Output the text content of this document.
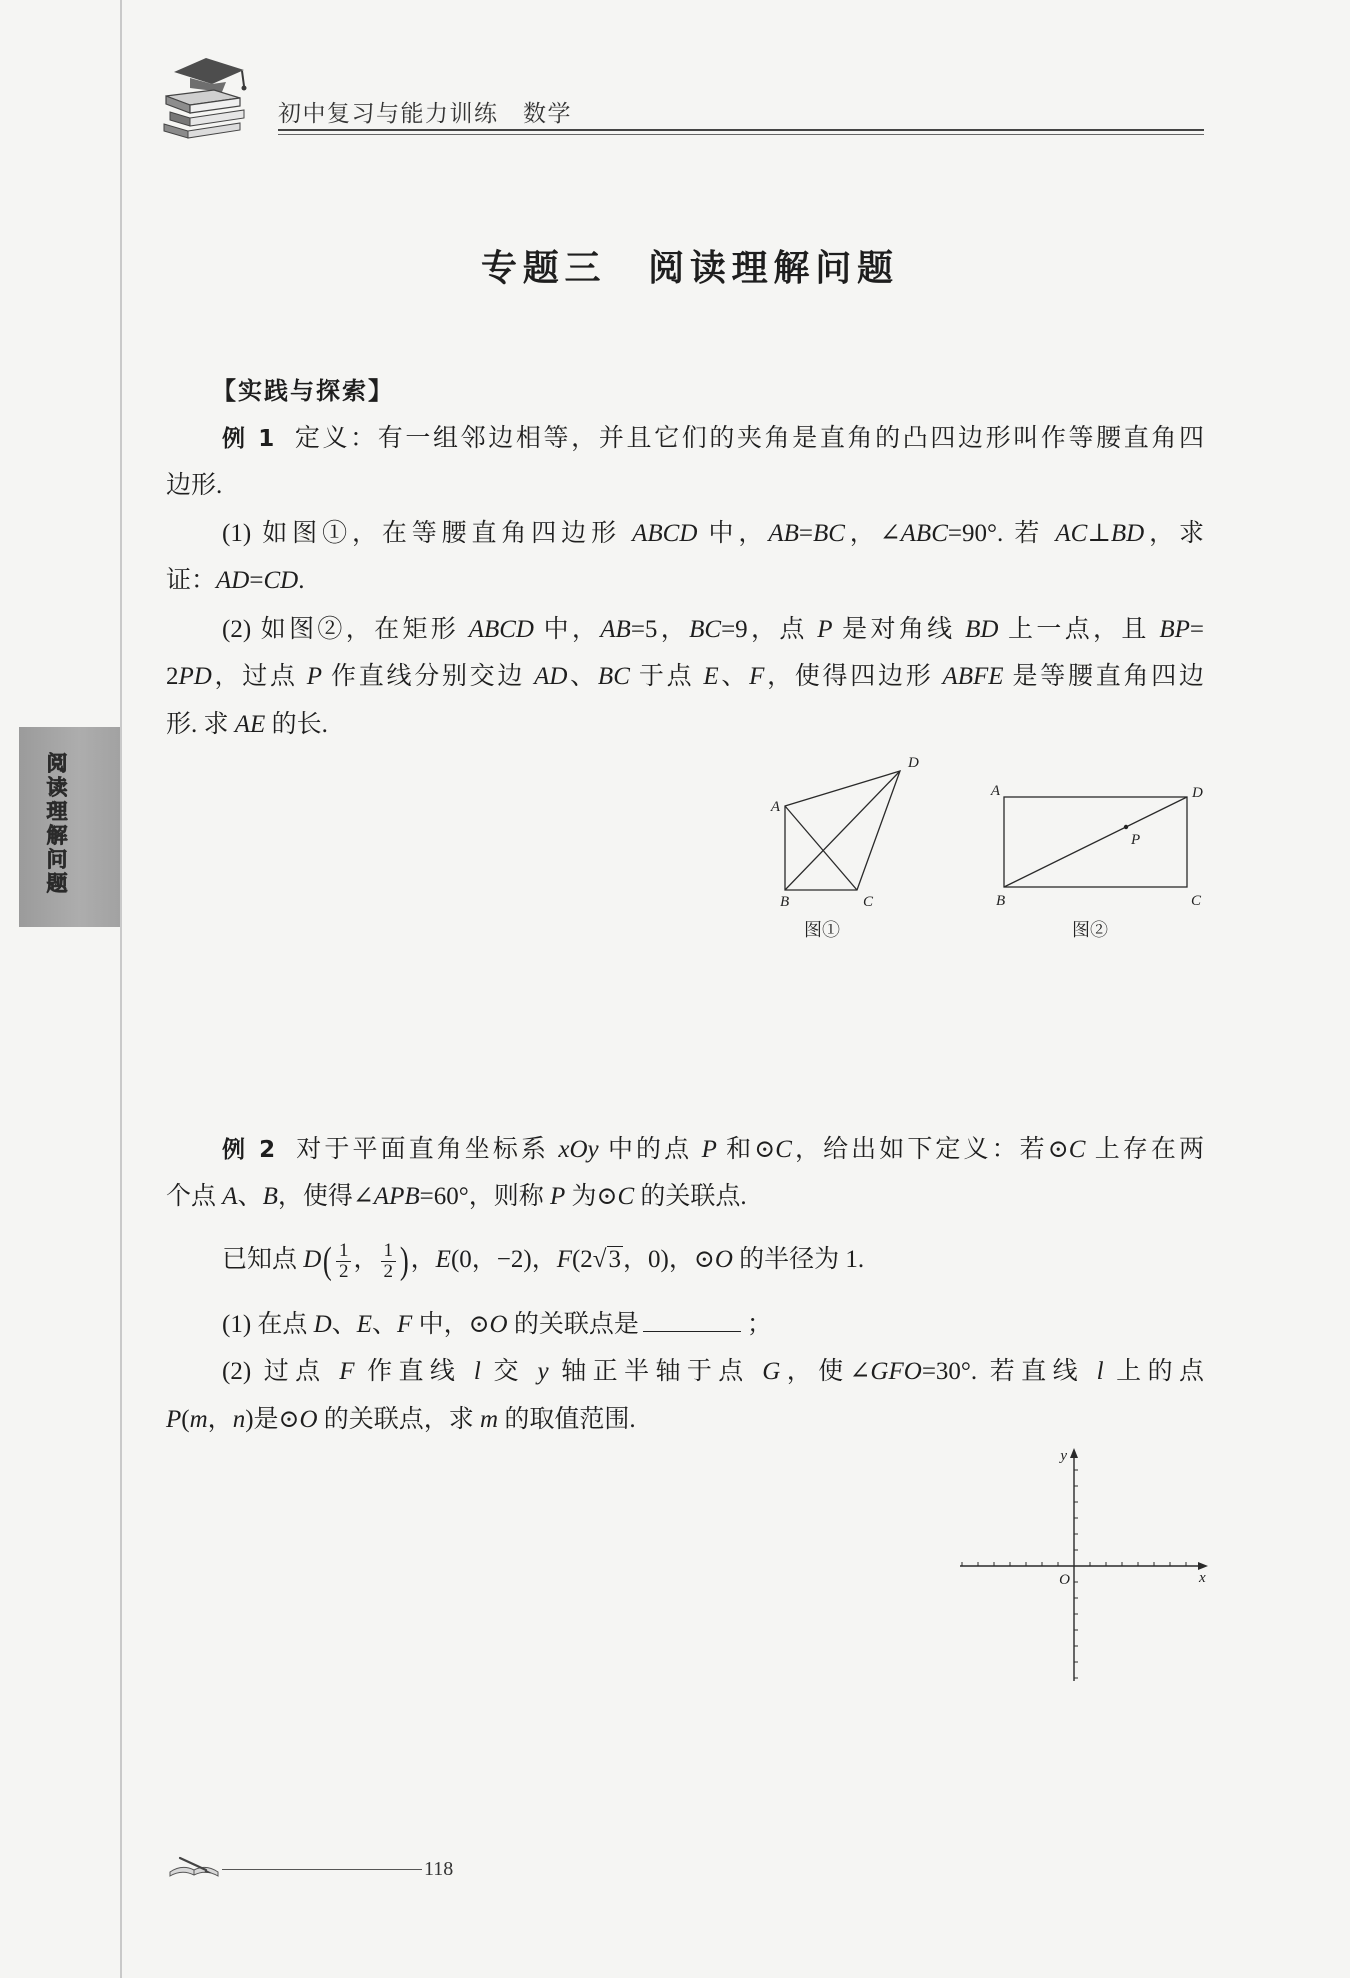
阅读理解问题
初中复习与能力训练　数学
专题三　阅读理解问题
【实践与探索】
例 1 定义：有一组邻边相等，并且它们的夹角是直角的凸四边形叫作等腰直角四
边形.
(1) 如图①，在等腰直角四边形 ABCD 中，AB=BC，∠ABC=90°. 若 AC⊥BD，求
证：AD=CD.
(2) 如图②，在矩形 ABCD 中，AB=5，BC=9，点 P 是对角线 BD 上一点，且 BP=
2PD，过点 P 作直线分别交边 AD、BC 于点 E、F，使得四边形 ABFE 是等腰直角四边
形. 求 AE 的长.
A
B	C
D
图①
A
B	C
D
P
图②
例 2 对于平面直角坐标系 xOy 中的点 P 和⊙C，给出如下定义：若⊙C 上存在两
个点 A、B，使得∠APB=60°，则称 P 为⊙C 的关联点.
已知点 $D( \frac{1}{2}$ ， $\frac{1}{2}$ )，E(0，−2)，F(2√3，0)，⊙O 的半径为 1.
(1) 在点 D、E、F 中，⊙O 的关联点是	；
(2) 过点 F 作直线 l 交 y 轴正半轴于点 G，使∠GFO=30°. 若直线 l 上的点
P(m，n)是⊙O 的关联点，求 m 的取值范围.
y
x
O
118
